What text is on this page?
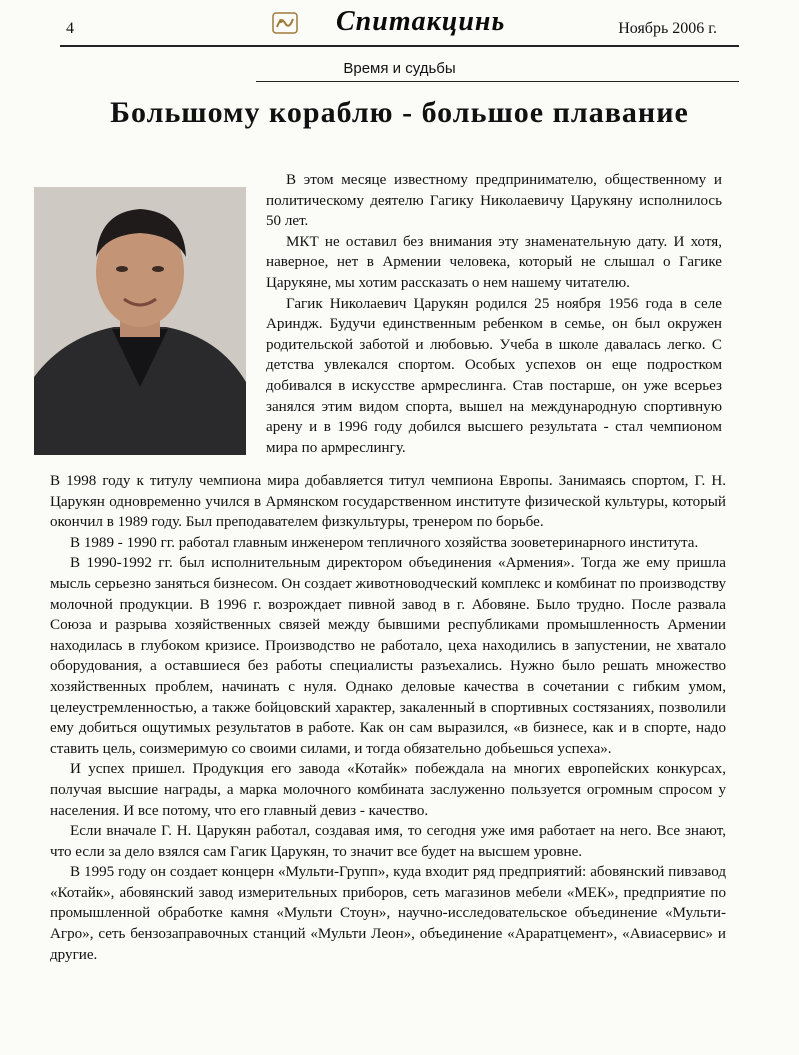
4	Спитакцинь	Ноябрь 2006 г.
Время и судьбы
Большому кораблю - большое плавание

В этом месяце известному предпринимателю, общественному и политическому деятелю Гагику Николаевичу Царукяну исполнилось 50 лет.

МКТ не оставил без внимания эту знаменательную дату. И хотя, наверное, нет в Армении человека, который не слышал о Гагике Царукяне, мы хотим рассказать о нем нашему читателю.

Гагик Николаевич Царукян родился 25 ноября 1956 года в селе Ариндж. Будучи единственным ребенком в семье, он был окружен родительской заботой и любовью. Учеба в школе давалась легко. С детства увлекался спортом. Особых успехов он еще подростком добивался в искусстве армреслинга. Став постарше, он уже всерьез занялся этим видом спорта, вышел на международную спортивную арену и в 1996 году добился высшего результата - стал чемпионом мира по армреслингу.

В 1998 году к титулу чемпиона мира добавляется титул чемпиона Европы. Занимаясь спортом, Г. Н. Царукян одновременно учился в Армянском государственном институте физической культуры, который окончил в 1989 году. Был преподавателем физкультуры, тренером по борьбе.

В 1989 - 1990 гг. работал главным инженером тепличного хозяйства зооветеринарного института.

В 1990-1992 гг. был исполнительным директором объединения «Армения». Тогда же ему пришла мысль серьезно заняться бизнесом. Он создает животноводческий комплекс и комбинат по производству молочной продукции. В 1996 г. возрождает пивной завод в г. Абовяне. Было трудно. После развала Союза и разрыва хозяйственных связей между бывшими республиками промышленность Армении находилась в глубоком кризисе. Производство не работало, цеха находились в запустении, не хватало оборудования, а оставшиеся без работы специалисты разъехались. Нужно было решать множество хозяйственных проблем, начинать с нуля. Однако деловые качества в сочетании с гибким умом, целеустремленностью, а также бойцовский характер, закаленный в спортивных состязаниях, позволили ему добиться ощутимых результатов в работе. Как он сам выразился, «в бизнесе, как и в спорте, надо ставить цель, соизмеримую со своими силами, и тогда обязательно добьешься успеха».

И успех пришел. Продукция его завода «Котайк» побеждала на многих европейских конкурсах, получая высшие награды, а марка молочного комбината заслуженно пользуется огромным спросом у населения. И все потому, что его главный девиз - качество.

Если вначале Г. Н. Царукян работал, создавая имя, то сегодня уже имя работает на него. Все знают, что если за дело взялся сам Гагик Царукян, то значит все будет на высшем уровне.

В 1995 году он создает концерн «Мульти-Групп», куда входит ряд предприятий: абовянский пивзавод «Котайк», абовянский завод измерительных приборов, сеть магазинов мебели «МЕК», предприятие по промышленной обработке камня «Мульти Стоун», научно-исследовательское объединение «Мульти-Агро», сеть бензозаправочных станций «Мульти Леон», объединение «Араратцемент», «Авиасервис» и другие.
